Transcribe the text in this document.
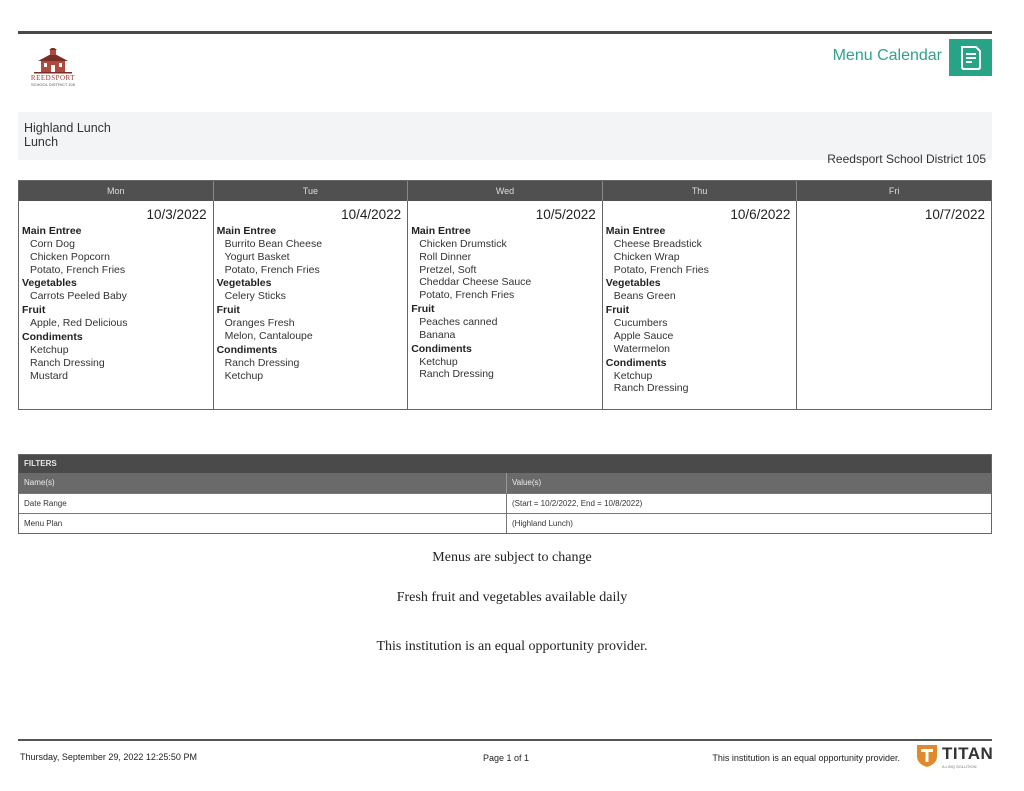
REEDSPORT
SCHOOL DISTRICT 105
Menu Calendar
Highland Lunch
Lunch
Reedsport School District 105
Mon	Tue	Wed	Thu	Fri
10/3/2022
Main Entree
Corn Dog
Chicken Popcorn
Potato, French Fries
Vegetables
Carrots Peeled Baby
Fruit
Apple, Red Delicious
Condiments
Ketchup
Ranch Dressing
Mustard
10/4/2022
Main Entree
Burrito Bean Cheese
Yogurt Basket
Potato, French Fries
Vegetables
Celery Sticks
Fruit
Oranges Fresh
Melon, Cantaloupe
Condiments
Ranch Dressing
Ketchup
10/5/2022
Main Entree
Chicken Drumstick
Roll Dinner
Pretzel, Soft
Cheddar Cheese Sauce
Potato, French Fries
Fruit
Peaches canned
Banana
Condiments
Ketchup
Ranch Dressing
10/6/2022
Main Entree
Cheese Breadstick
Chicken Wrap
Potato, French Fries
Vegetables
Beans Green
Fruit
Cucumbers
Apple Sauce
Watermelon
Condiments
Ketchup
Ranch Dressing
10/7/2022
FILTERS
Name(s)	Value(s)
Date Range	(Start = 10/2/2022, End = 10/8/2022)
Menu Plan	(Highland Lunch)
Menus are subject to change
Fresh fruit and vegetables available daily
This institution is an equal opportunity provider.
Thursday, September 29, 2022 12:25:50 PM	Page 1 of 1	This institution is an equal opportunity provider. TITAN
A LINQ SOLUTION
